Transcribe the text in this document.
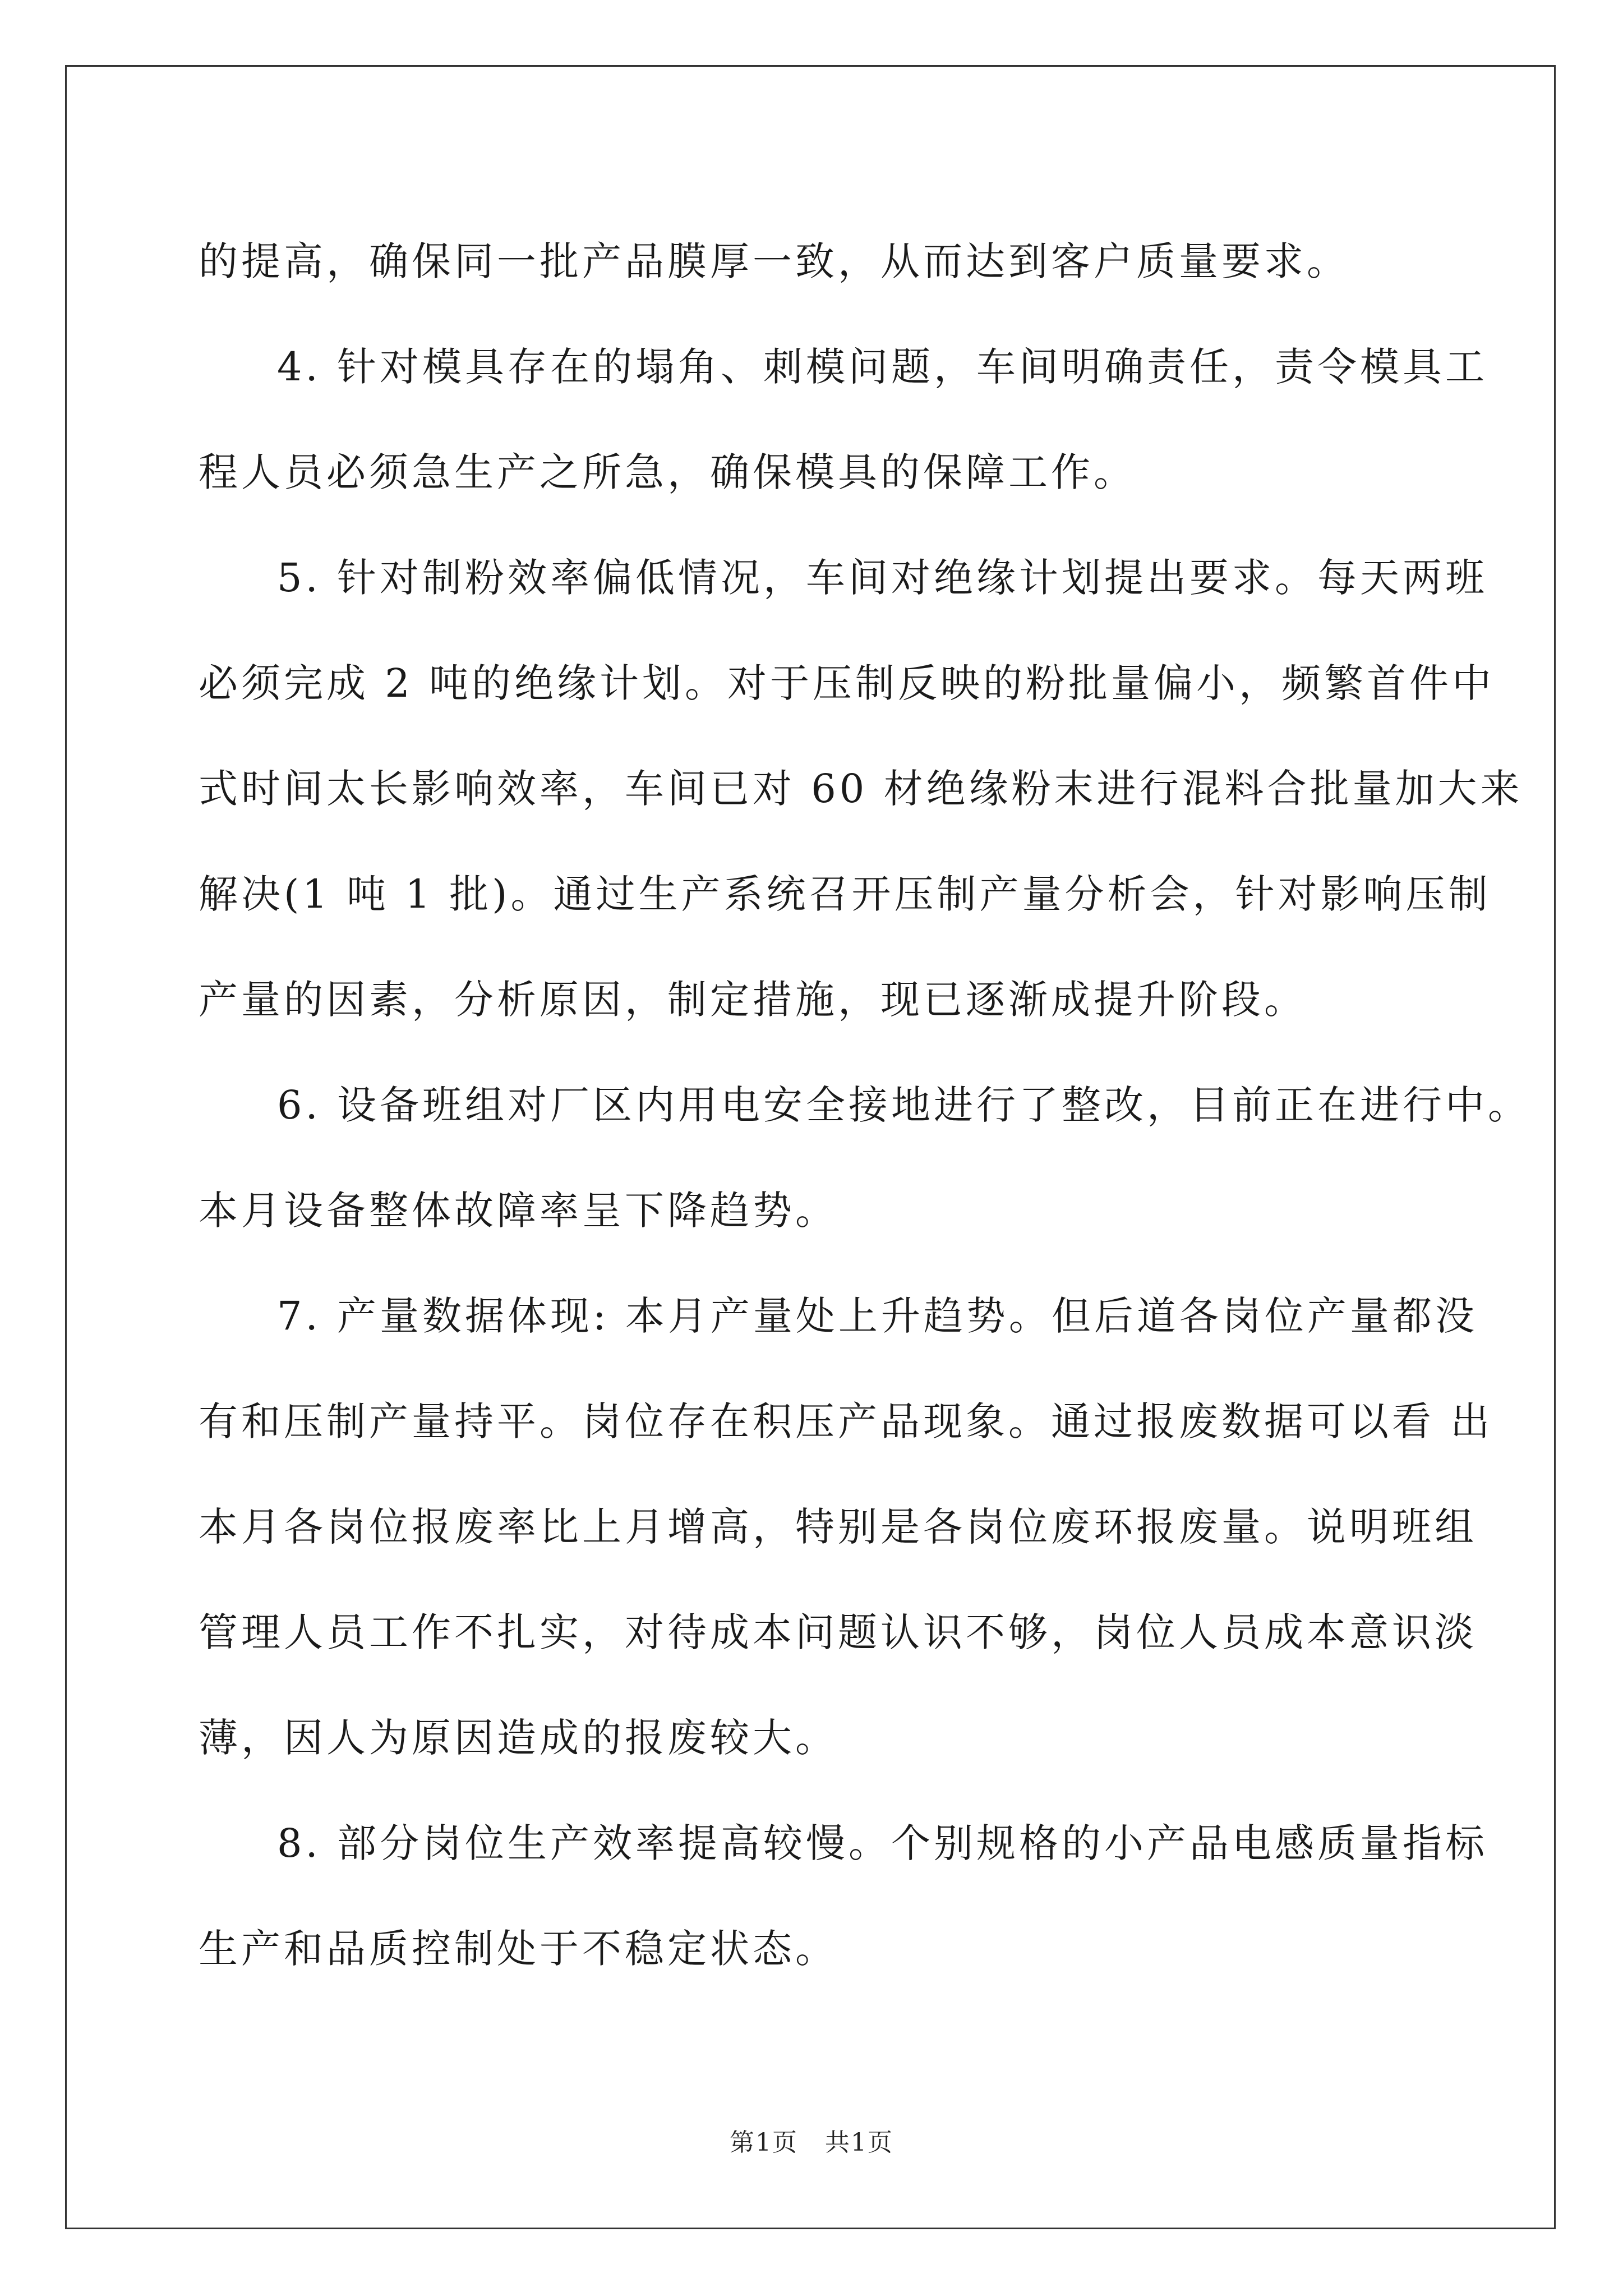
的提高，确保同一批产品膜厚一致，从而达到客户质量要求。
4. 针对模具存在的塌角、刺模问题，车间明确责任，责令模具工
程人员必须急生产之所急，确保模具的保障工作。
5. 针对制粉效率偏低情况，车间对绝缘计划提出要求。每天两班
必须完成 2 吨的绝缘计划。对于压制反映的粉批量偏小，频繁首件中
式时间太长影响效率，车间已对 60 材绝缘粉末进行混料合批量加大来
解决(1 吨 1 批)。通过生产系统召开压制产量分析会，针对影响压制
产量的因素，分析原因，制定措施，现已逐渐成提升阶段。
6. 设备班组对厂区内用电安全接地进行了整改，目前正在进行中。
本月设备整体故障率呈下降趋势。
7. 产量数据体现: 本月产量处上升趋势。但后道各岗位产量都没
有和压制产量持平。岗位存在积压产品现象。通过报废数据可以看 出
本月各岗位报废率比上月增高，特别是各岗位废环报废量。说明班组
管理人员工作不扎实，对待成本问题认识不够，岗位人员成本意识淡
薄，因人为原因造成的报废较大。
8. 部分岗位生产效率提高较慢。个别规格的小产品电感质量指标
生产和品质控制处于不稳定状态。
第1页 共1页
